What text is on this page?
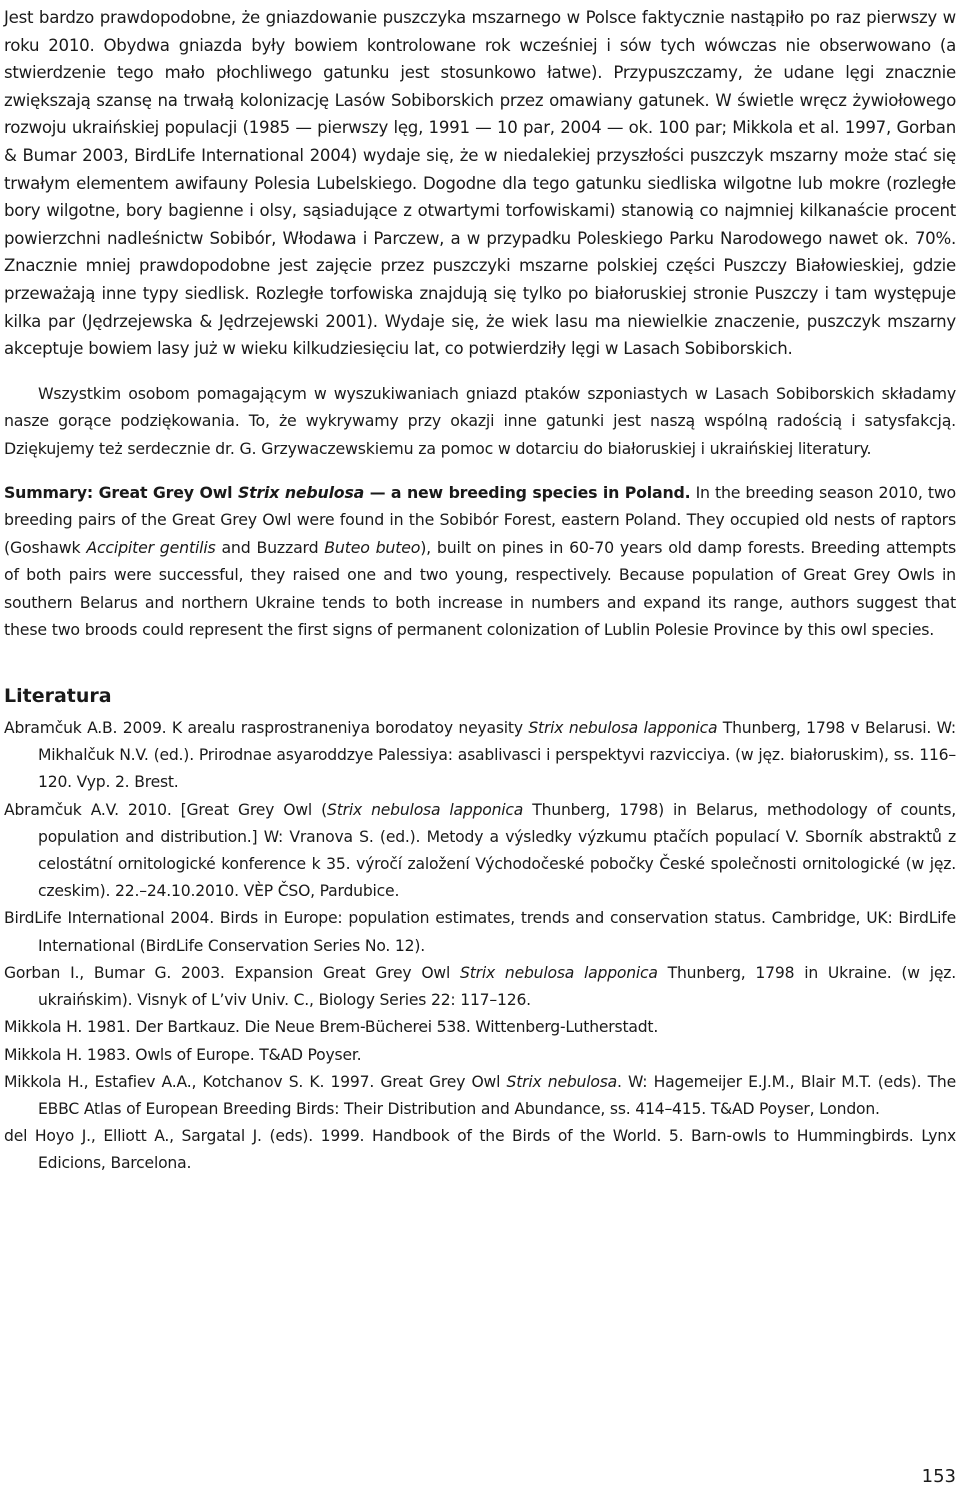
Jest bardzo prawdopodobne, że gniazdowanie puszczyka mszarnego w Polsce faktycznie nastąpiło po raz pierwszy w roku 2010. Obydwa gniazda były bowiem kontrolowane rok wcześniej i sów tych wówczas nie obserwowano (a stwierdzenie tego mało płochliwego gatunku jest stosunkowo łatwe). Przypuszczamy, że udane lęgi znacznie zwiększają szansę na trwałą kolonizację Lasów Sobiborskich przez omawiany gatunek. W świetle wręcz żywiołowego rozwoju ukraińskiej populacji (1985 — pierwszy lęg, 1991 — 10 par, 2004 — ok. 100 par; Mikkola et al. 1997, Gorban & Bumar 2003, BirdLife International 2004) wydaje się, że w niedalekiej przyszłości puszczyk mszarny może stać się trwałym elementem awifauny Polesia Lubelskiego. Dogodne dla tego gatunku siedliska wilgotne lub mokre (rozległe bory wilgotne, bory bagienne i olsy, sąsiadujące z otwartymi torfowiskami) stanowią co najmniej kilkanaście procent powierzchni nadleśnictw Sobibór, Włodawa i Parczew, a w przypadku Poleskiego Parku Narodowego nawet ok. 70%. Znacznie mniej prawdopodobne jest zajęcie przez puszczyki mszarne polskiej części Puszczy Białowieskiej, gdzie przeważają inne typy siedlisk. Rozległe torfowiska znajdują się tylko po białoruskiej stronie Puszczy i tam występuje kilka par (Jędrzejewska & Jędrzejewski 2001). Wydaje się, że wiek lasu ma niewielkie znaczenie, puszczyk mszarny akceptuje bowiem lasy już w wieku kilkudziesięciu lat, co potwierdziły lęgi w Lasach Sobiborskich.

Wszystkim osobom pomagającym w wyszukiwaniach gniazd ptaków szponiastych w Lasach Sobiborskich składamy nasze gorące podziękowania. To, że wykrywamy przy okazji inne gatunki jest naszą wspólną radością i satysfakcją. Dziękujemy też serdecznie dr. G. Grzywaczewskiemu za pomoc w dotarciu do białoruskiej i ukraińskiej literatury.

Summary: Great Grey Owl Strix nebulosa — a new breeding species in Poland. In the breeding season 2010, two breeding pairs of the Great Grey Owl were found in the Sobibór Forest, eastern Poland. They occupied old nests of raptors (Goshawk Accipiter gentilis and Buzzard Buteo buteo), built on pines in 60-70 years old damp forests. Breeding attempts of both pairs were successful, they raised one and two young, respectively. Because population of Great Grey Owls in southern Belarus and northern Ukraine tends to both increase in numbers and expand its range, authors suggest that these two broods could represent the first signs of permanent colonization of Lublin Polesie Province by this owl species.

Literatura
Abramčuk A.B. 2009. K arealu rasprostraneniya borodatoy neyasity Strix nebulosa lapponica Thunberg, 1798 v Belarusi. W: Mikhalčuk N.V. (ed.). Prirodnae asyaroddzye Palessiya: asablivasci i perspektyvi razvicciya. (w jęz. białoruskim), ss. 116–120. Vyp. 2. Brest.
Abramčuk A.V. 2010. [Great Grey Owl (Strix nebulosa lapponica Thunberg, 1798) in Belarus, methodology of counts, population and distribution.] W: Vranova S. (ed.). Metody a výsledky výzkumu ptačích populací V. Sborník abstraktů z celostátní ornitologické konference k 35. výročí založení Východočeské pobočky České společnosti ornitologické (w jęz. czeskim). 22.–24.10.2010. VÈP ČSO, Pardubice.
BirdLife International 2004. Birds in Europe: population estimates, trends and conservation status. Cambridge, UK: BirdLife International (BirdLife Conservation Series No. 12).
Gorban I., Bumar G. 2003. Expansion Great Grey Owl Strix nebulosa lapponica Thunberg, 1798 in Ukraine. (w jęz. ukraińskim). Visnyk of L’viv Univ. C., Biology Series 22: 117–126.
Mikkola H. 1981. Der Bartkauz. Die Neue Brem-Bücherei 538. Wittenberg-Lutherstadt.
Mikkola H. 1983. Owls of Europe. T&AD Poyser.
Mikkola H., Estafiev A.A., Kotchanov S. K. 1997. Great Grey Owl Strix nebulosa. W: Hagemeijer E.J.M., Blair M.T. (eds). The EBBC Atlas of European Breeding Birds: Their Distribution and Abundance, ss. 414–415. T&AD Poyser, London.
del Hoyo J., Elliott A., Sargatal J. (eds). 1999. Handbook of the Birds of the World. 5. Barn-owls to Hummingbirds. Lynx Edicions, Barcelona.
153
